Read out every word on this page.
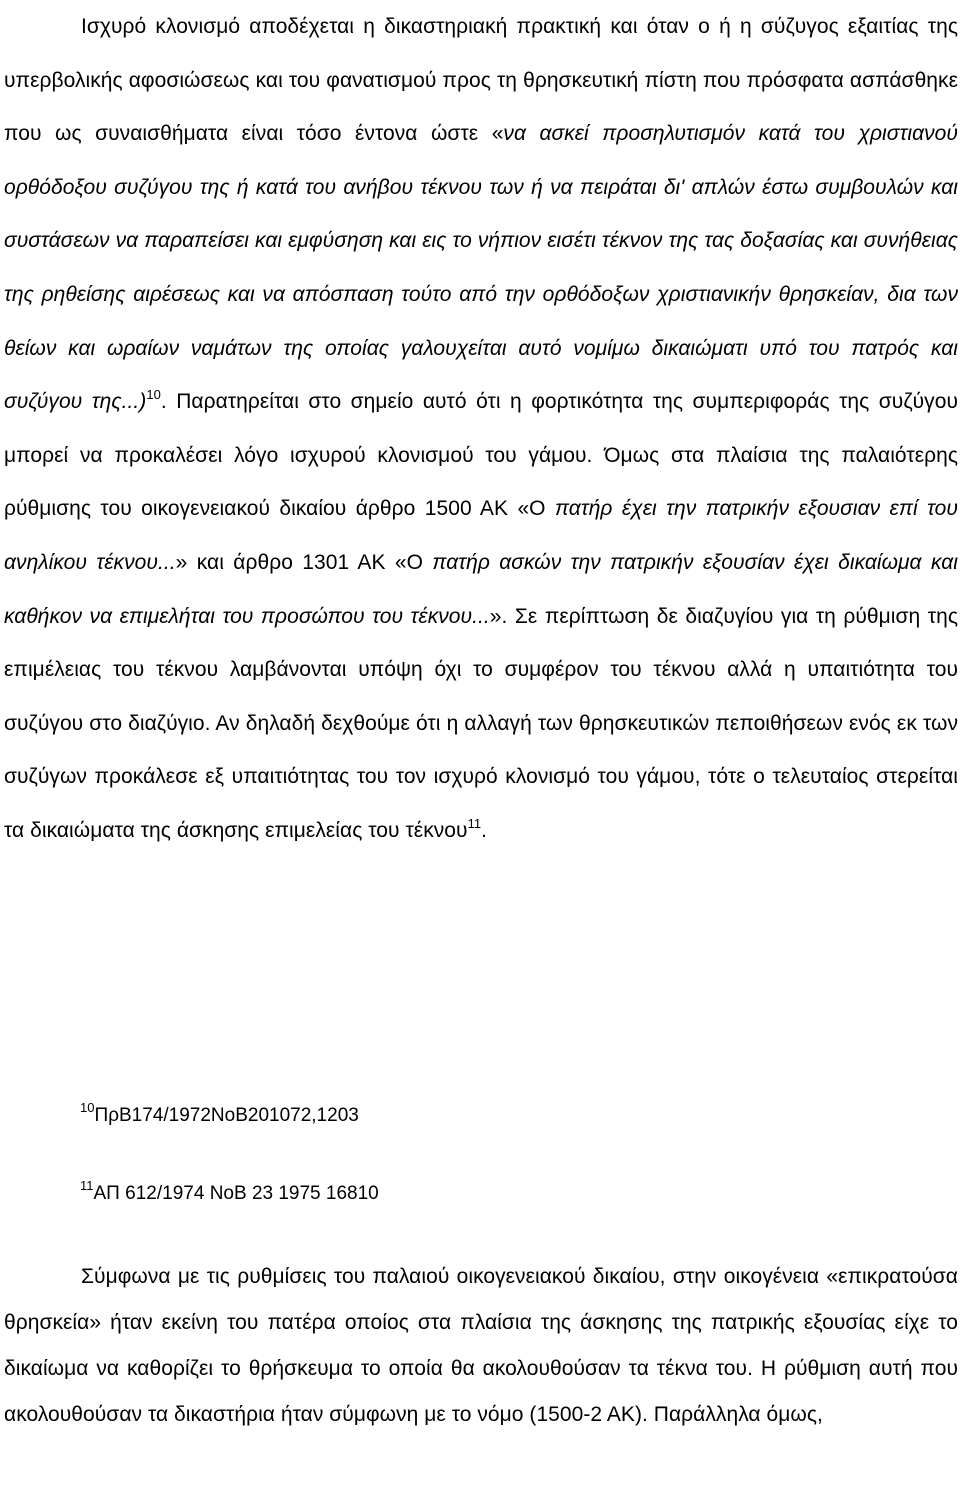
Ισχυρό κλονισμό αποδέχεται η δικαστηριακή πρακτική και όταν ο ή η σύζυγος εξαιτίας της υπερβολικής αφοσιώσεως και του φανατισμού προς τη θρησκευτική πίστη που πρόσφατα ασπάσθηκε που ως συναισθήματα είναι τόσο έντονα ώστε «να ασκεί προσηλυτισμόν κατά του χριστιανού ορθόδοξου συζύγου της ή κατά του ανήβου τέκνου των ή να πειράται δι' απλών έστω συμβουλών και συστάσεων να παραπείσει και εμφύσηση και εις το νήπιον εισέτι τέκνον της τας δοξασίας και συνήθειας της ρηθείσης αιρέσεως και να απόσπαση τούτο από την ορθόδοξων χριστιανικήν θρησκείαν, δια των θείων και ωραίων ναμάτων της οποίας γαλουχείται αυτό νομίμω δικαιώματι υπό του πατρός και συζύγου της...)$^{10}$. Παρατηρείται στο σημείο αυτό ότι η φορτικότητα της συμπεριφοράς της συζύγου μπορεί να προκαλέσει λόγο ισχυρού κλονισμού του γάμου. Όμως στα πλαίσια της παλαιότερης ρύθμισης του οικογενειακού δικαίου άρθρο 1500 ΑΚ «Ο πατήρ έχει την πατρικήν εξουσιαν επί του ανηλίκου τέκνου...» και άρθρο 1301 ΑΚ «Ο πατήρ ασκών την πατρικήν εξουσίαν έχει δικαίωμα και καθήκον να επιμελήται του προσώπου του τέκνου...». Σε περίπτωση δε διαζυγίου για τη ρύθμιση της επιμέλειας του τέκνου λαμβάνονται υπόψη όχι το συμφέρον του τέκνου αλλά η υπαιτιότητα του συζύγου στο διαζύγιο. Αν δηλαδή δεχθούμε ότι η αλλαγή των θρησκευτικών πεποιθήσεων ενός εκ των συζύγων προκάλεσε εξ υπαιτιότητας του τον ισχυρό κλονισμό του γάμου, τότε ο τελευταίος στερείται τα δικαιώματα της άσκησης επιμελείας του τέκνου$^{11}$.

$^{10}$ΠρΒ174/1972ΝοΒ201072,1203

$^{11}$ΑΠ 612/1974 ΝοΒ 23 1975 16810

Σύμφωνα με τις ρυθμίσεις του παλαιού οικογενειακού δικαίου, στην οικογένεια «επικρατούσα θρησκεία» ήταν εκείνη του πατέρα οποίος στα πλαίσια της άσκησης της πατρικής εξουσίας είχε το δικαίωμα να καθορίζει το θρήσκευμα το οποία θα ακολουθούσαν τα τέκνα του. Η ρύθμιση αυτή που ακολουθούσαν τα δικαστήρια ήταν σύμφωνη με το νόμο (1500-2 ΑΚ). Παράλληλα όμως,
